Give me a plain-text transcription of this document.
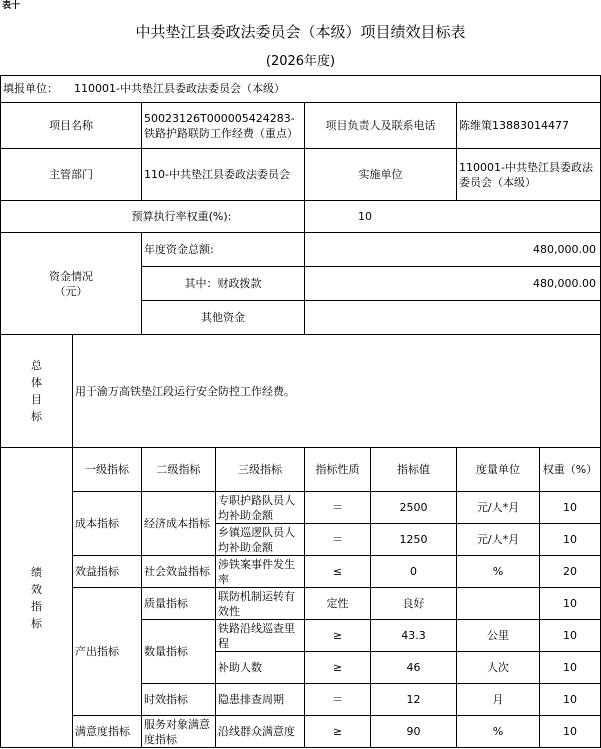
表十
中共垫江县委政法委员会（本级）项目绩效目标表
(2026年度)
填报单位： 110001-中共垫江县委政法委员会（本级）
项目名称		50023126T000005424283-铁路护路联防工作经费（重点）		项目负责人及联系电话		陈维策13883014477	
主管部门		110-中共垫江县委政法委员会		实施单位		110001-中共垫江县委政法委员会（本级）	
预算执行率权重(%):				10			
资金情况
（元）		年度资金总额:		480,000.00			
		其中：财政拨款		480,000.00			
		其他资金					
总
体
目
标	用于渝万高铁垫江段运行安全防控工作经费。						
绩
效
指
标	一级指标	二级指标	三级指标	指标性质	指标值	度量单位	权重（%）
	成本指标	经济成本指标	专职护路队员人均补助金额	＝	2500	元/人*月	10
			乡镇巡逻队员人均补助金额	＝	1250	元/人*月	10
	效益指标	社会效益指标	涉铁案事件发生率	≤	0	%	20
	产出指标	质量指标	联防机制运转有效性	定性	良好		10
		数量指标	铁路沿线巡查里程	≥	43.3	公里	10
			补助人数	≥	46	人次	10
		时效指标	隐患排查周期	＝	12	月	10
	满意度指标	服务对象满意度指标	沿线群众满意度	≥	90	%	10
